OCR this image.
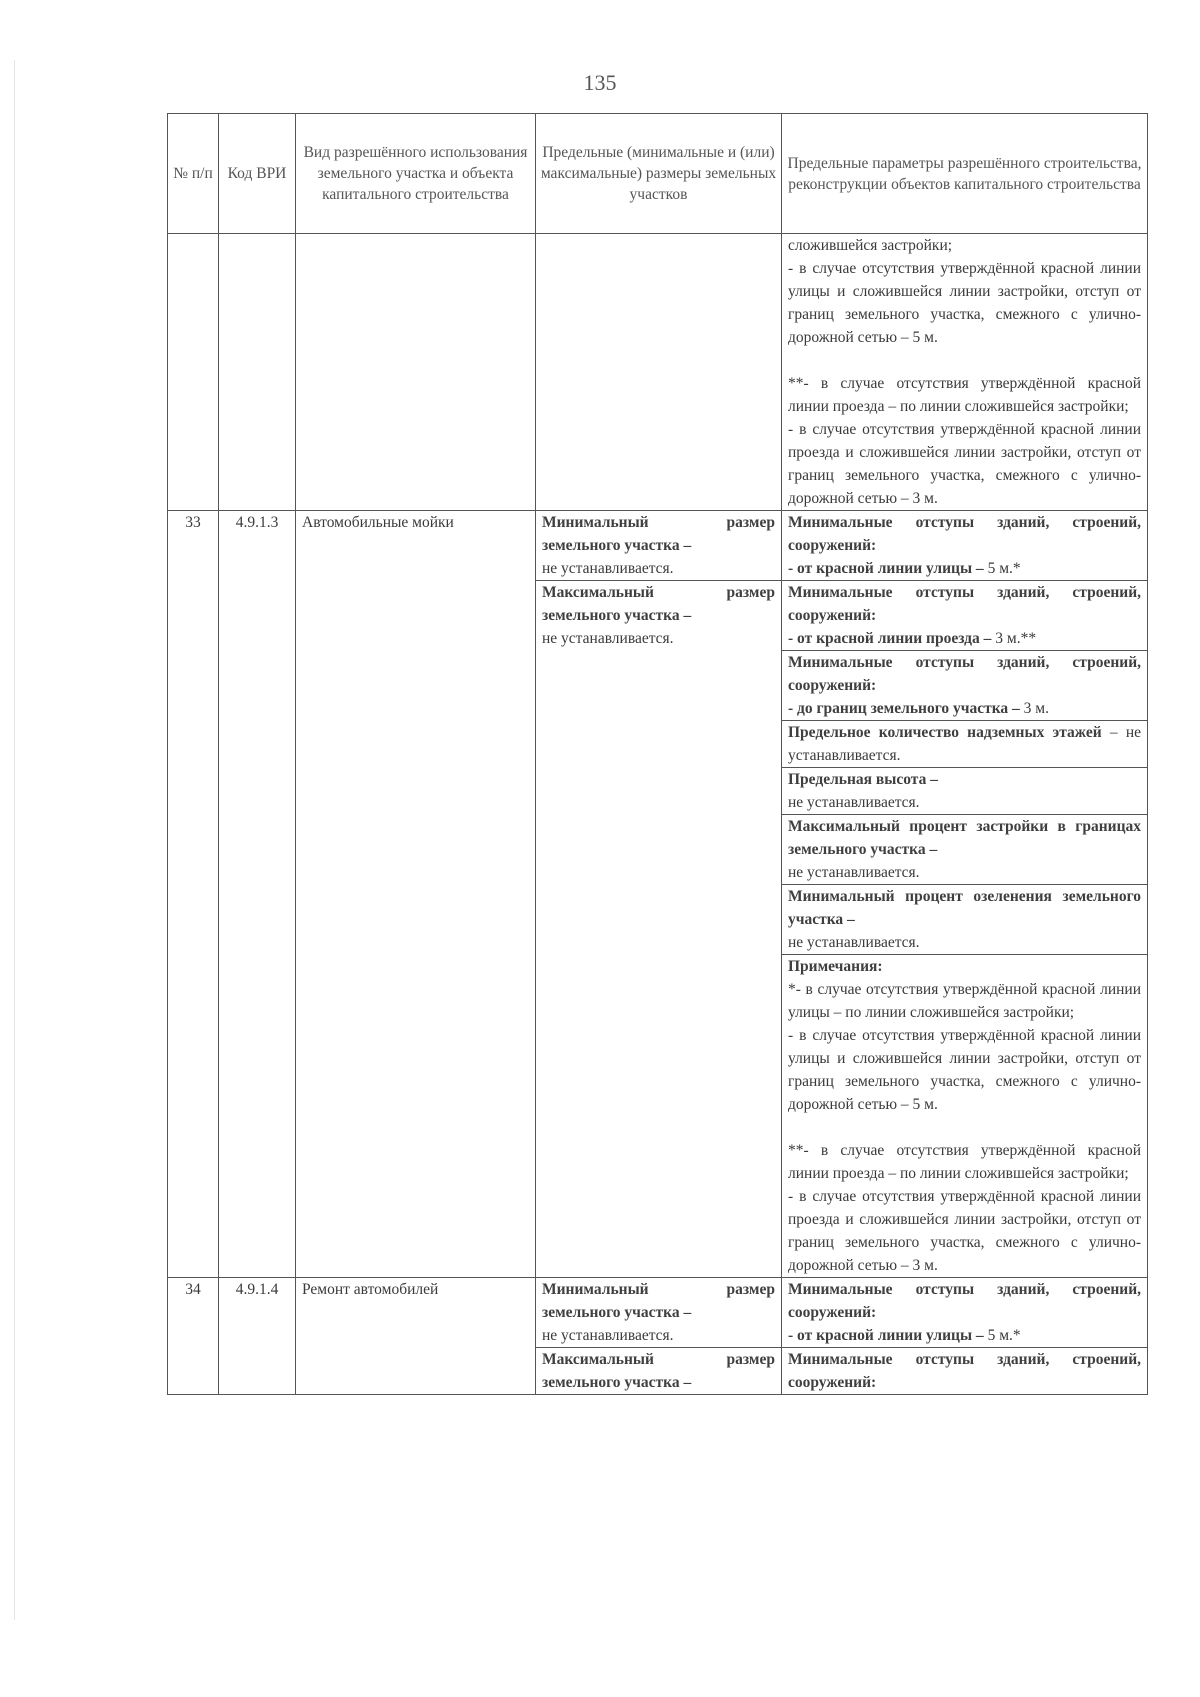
135
№ п/п	Код ВРИ	Вид разрешённого использования земельного участка и объекта капитального строительства	Предельные (минимальные и (или) максимальные) размеры земельных участков	Предельные параметры разрешённого строительства, реконструкции объектов капитального строительства

				сложившейся застройки;
- в случае отсутствия утверждённой красной линии улицы и сложившейся линии застройки, отступ от границ земельного участка, смежного с улично-дорожной сетью – 5 м.
**- в случае отсутствия утверждённой красной линии проезда – по линии сложившейся застройки;
- в случае отсутствия утверждённой красной линии проезда и сложившейся линии застройки, отступ от границ земельного участка, смежного с улично-дорожной сетью – 3 м.

33	4.9.1.3	Автомобильные мойки	Минимальный размер земельного участка –
не устанавливается.	Минимальные отступы зданий, строений, сооружений:
- от красной линии улицы – 5 м.*
			Максимальный размер земельного участка –
не устанавливается.	Минимальные отступы зданий, строений, сооружений:
- от красной линии проезда – 3 м.**

				Минимальные отступы зданий, строений, сооружений:
- до границ земельного участка – 3 м.
				Предельное количество надземных этажей – не устанавливается.

				Предельная высота –
не устанавливается.

				Максимальный процент застройки в границах земельного участка –
не устанавливается.

				Минимальный процент озеленения земельного участка –
не устанавливается.

				Примечания:
*- в случае отсутствия утверждённой красной линии улицы – по линии сложившейся застройки;
- в случае отсутствия утверждённой красной линии улицы и сложившейся линии застройки, отступ от границ земельного участка, смежного с улично-дорожной сетью – 5 м.
**- в случае отсутствия утверждённой красной линии проезда – по линии сложившейся застройки;
- в случае отсутствия утверждённой красной линии проезда и сложившейся линии застройки, отступ от границ земельного участка, смежного с улично-дорожной сетью – 3 м.

34	4.9.1.4	Ремонт автомобилей	Минимальный размер земельного участка –
не устанавливается.	Минимальные отступы зданий, строений, сооружений:
- от красной линии улицы – 5 м.*
			Максимальный размер земельного участка –	Минимальные отступы зданий, строений, сооружений:
